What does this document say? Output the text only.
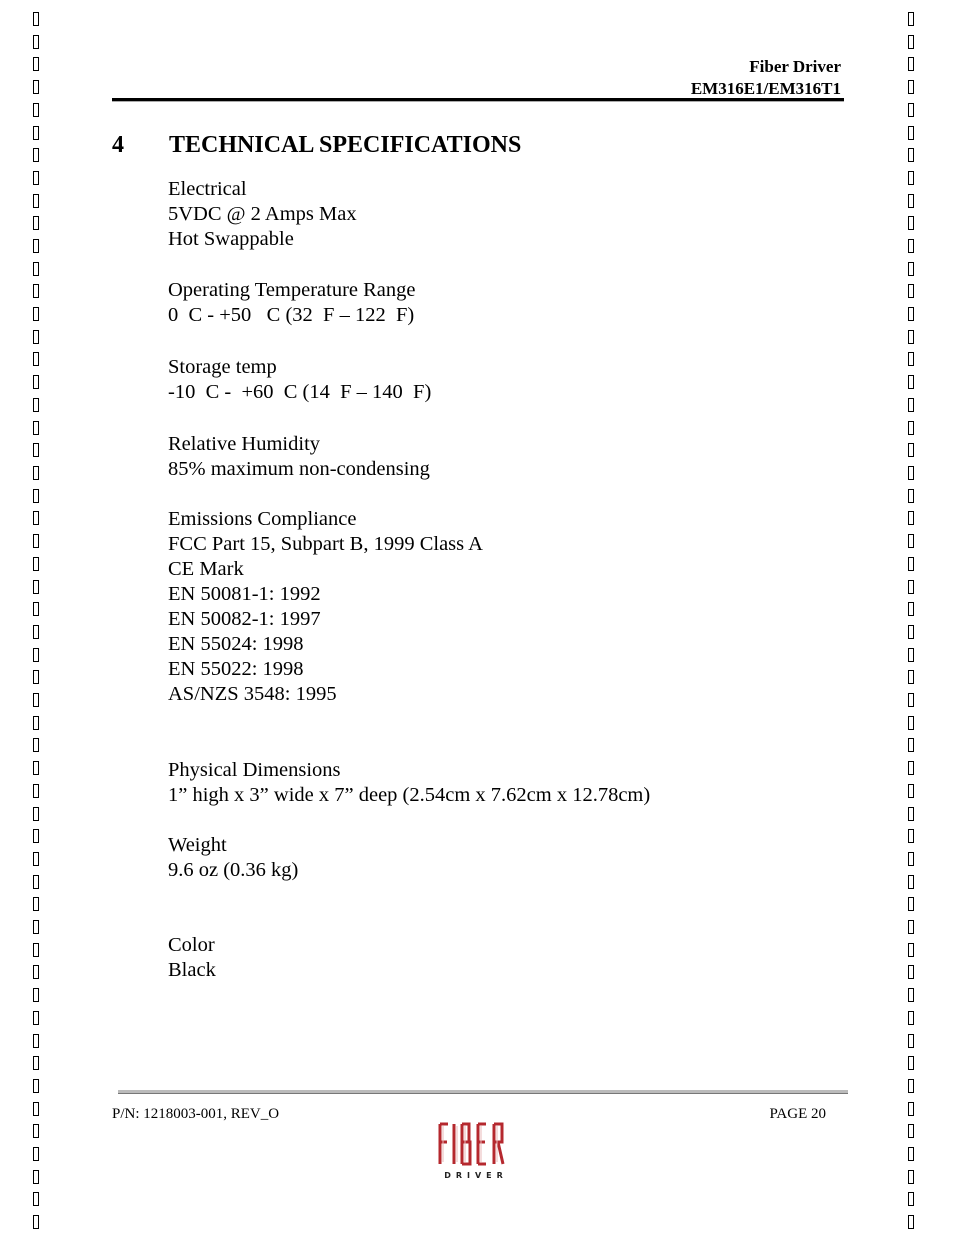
Fiber Driver
EM316E1/EM316T1
4 TECHNICAL SPECIFICATIONS
Electrical
5VDC @ 2 Amps Max
Hot Swappable
Operating Temperature Range
0  C - +50   C (32  F – 122  F)
Storage temp
-10  C -  +60  C (14  F – 140  F)
Relative Humidity
85% maximum non-condensing
Emissions Compliance
FCC Part 15, Subpart B, 1999 Class A
CE Mark
EN 50081-1: 1992
EN 50082-1: 1997
EN 55024: 1998
EN 55022: 1998
AS/NZS 3548: 1995
Physical Dimensions
1” high x 3” wide x 7” deep (2.54cm x 7.62cm x 12.78cm)
Weight
9.6 oz (0.36 kg)
Color
Black
P/N: 1218003-001, REV_O	PAGE 20
DRIVER
